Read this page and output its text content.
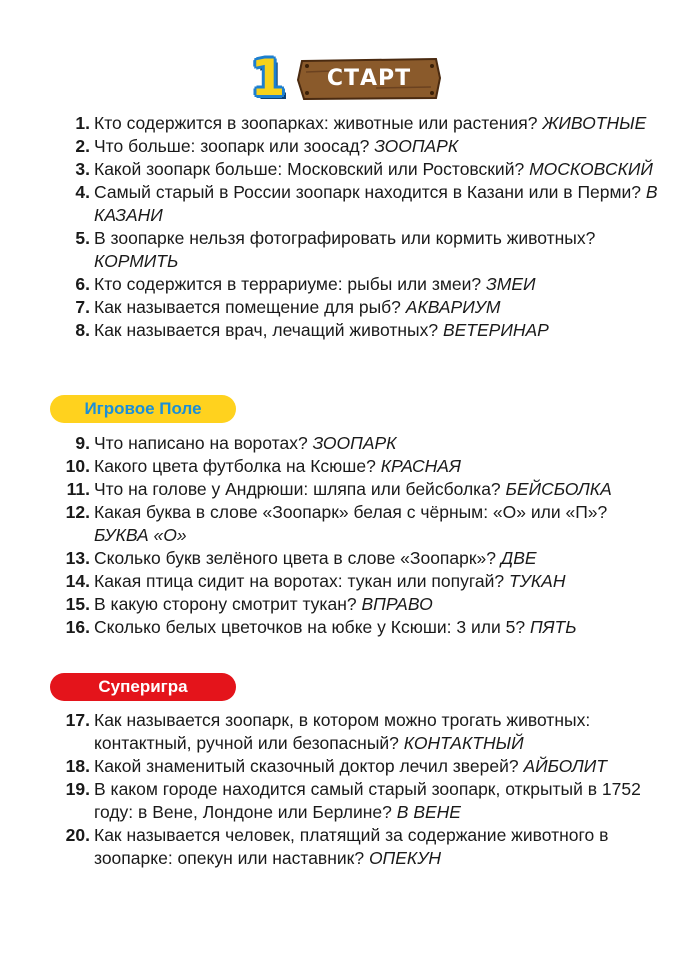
1	СТАРТ
1. Кто содержится в зоопарках: животные или растения? ЖИВОТНЫЕ
2. Что больше: зоопарк или зоосад? ЗООПАРК
3. Какой зоопарк больше: Московский или Ростовский? МОСКОВСКИЙ
4. Самый старый в России зоопарк находится в Казани или в Перми? В КАЗАНИ
5. В зоопарке нельзя фотографировать или кормить животных? КОРМИТЬ
6. Кто содержится в террариуме: рыбы или змеи? ЗМЕИ
7. Как называется помещение для рыб? АКВАРИУМ
8. Как называется врач, лечащий животных? ВЕТЕРИНАР
Игровое Поле
9. Что написано на воротах? ЗООПАРК
10. Какого цвета футболка на Ксюше? КРАСНАЯ
11. Что на голове у Андрюши: шляпа или бейсболка? БЕЙСБОЛКА
12. Какая буква в слове «Зоопарк» белая с чёрным: «О» или «П»? БУКВА «О»
13. Сколько букв зелёного цвета в слове «Зоопарк»? ДВЕ
14. Какая птица сидит на воротах: тукан или попугай? ТУКАН
15. В какую сторону смотрит тукан? ВПРАВО
16. Сколько белых цветочков на юбке у Ксюши: 3 или 5? ПЯТЬ
Суперигра
17. Как называется зоопарк, в котором можно трогать животных: контактный, ручной или безопасный? КОНТАКТНЫЙ
18. Какой знаменитый сказочный доктор лечил зверей? АЙБОЛИТ
19. В каком городе находится самый старый зоопарк, открытый в 1752 году: в Вене, Лондоне или Берлине? В ВЕНЕ
20. Как называется человек, платящий за содержание животного в зоопарке: опекун или наставник? ОПЕКУН
